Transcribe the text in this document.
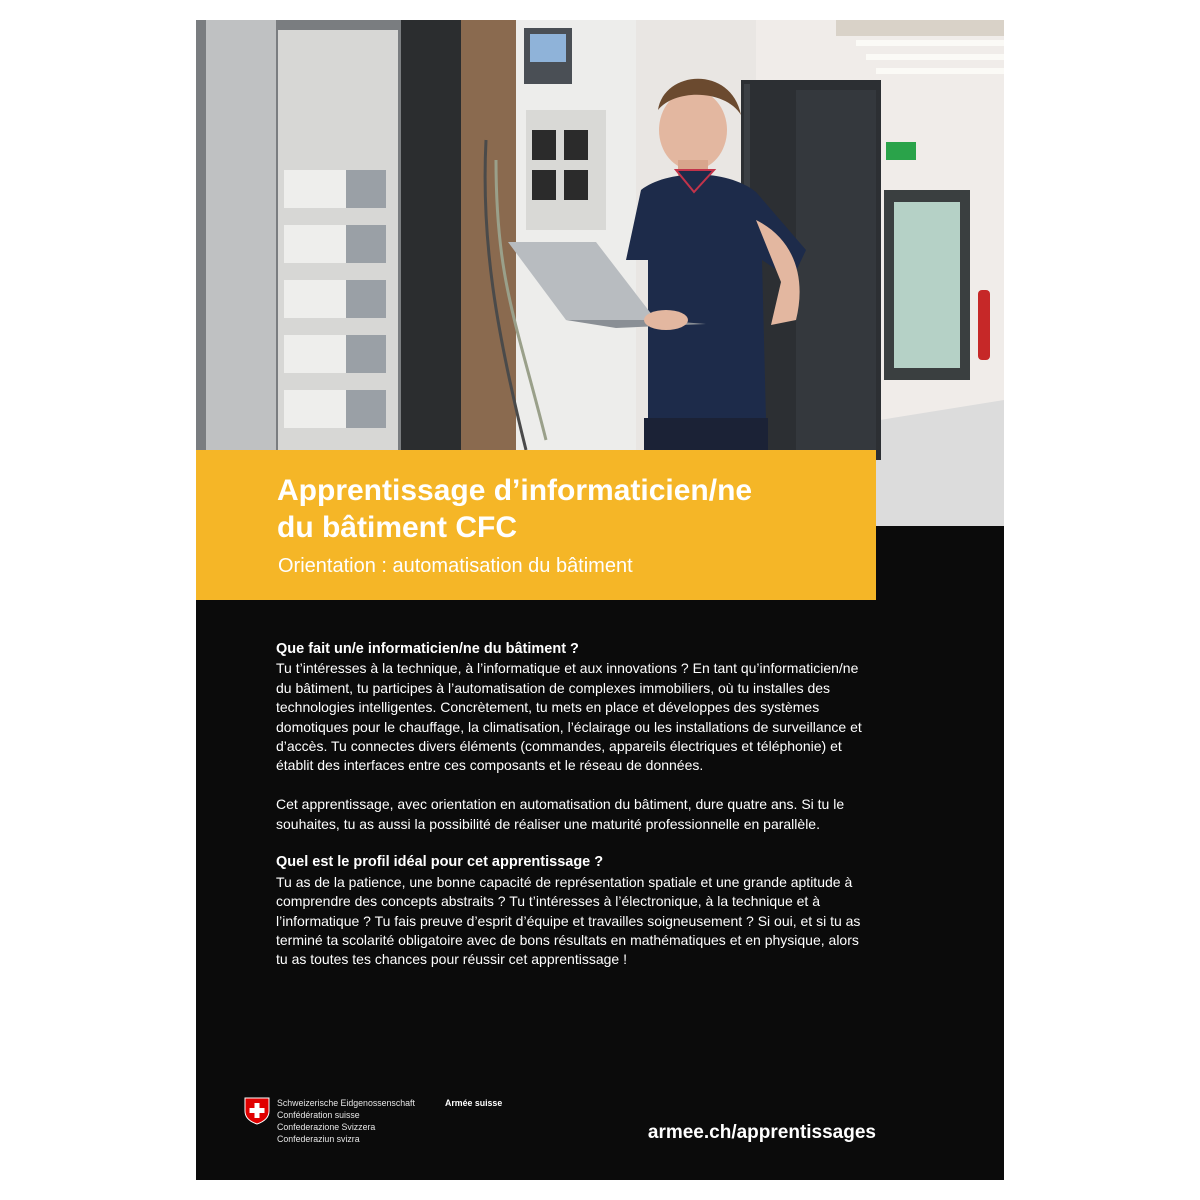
Apprentissage d’informaticien/ne
du bâtiment CFC

Orientation : automatisation du bâtiment

Que fait un/e informaticien/ne du bâtiment ?

Tu t’intéresses à la technique, à l’informatique et aux innovations ? En tant qu’informaticien/ne du bâtiment, tu participes à l’automatisation de complexes immobiliers, où tu installes des technologies intelligentes. Concrètement, tu mets en place et développes des systèmes domotiques pour le chauffage, la climatisation, l’éclairage ou les installations de surveillance et d’accès. Tu connectes divers éléments (commandes, appareils électriques et téléphonie) et établit des interfaces entre ces composants et le réseau de données.

Cet apprentissage, avec orientation en automatisation du bâtiment, dure quatre ans. Si tu le souhaites, tu as aussi la possibilité de réaliser une maturité professionnelle en parallèle.

Quel est le profil idéal pour cet apprentissage ?

Tu as de la patience, une bonne capacité de représentation spatiale et une grande aptitude à comprendre des concepts abstraits ? Tu t’intéresses à l’électronique, à la technique et à l’informatique ? Tu fais preuve d’esprit d’équipe et travailles soigneusement ? Si oui, et si tu as terminé ta scolarité obligatoire avec de bons résultats en mathématiques et en physique, alors tu as toutes tes chances pour réussir cet apprentissage !

Schweizerische Eidgenossenschaft
Confédération suisse
Confederazione Svizzera
Confederaziun svizra
Armée suisse
armee.ch/apprentissages
